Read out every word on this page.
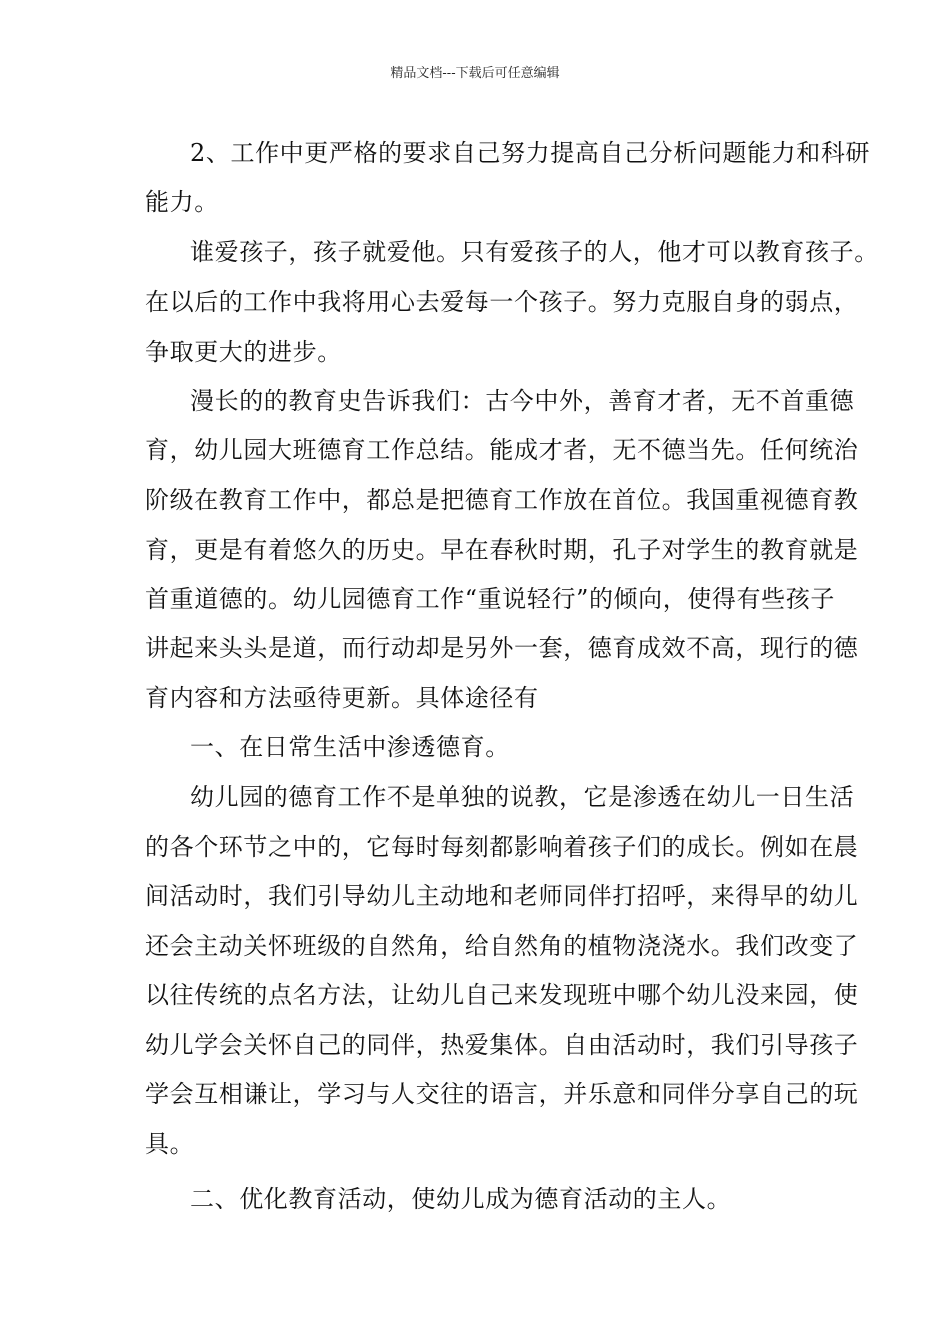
精品文档---下载后可任意编辑
2、工作中更严格的要求自己努力提高自己分析问题能力和科研
能力。
谁爱孩子，孩子就爱他。只有爱孩子的人，他才可以教育孩子。
在以后的工作中我将用心去爱每一个孩子。努力克服自身的弱点，
争取更大的进步。
漫长的的教育史告诉我们：古今中外，善育才者，无不首重德
育，幼儿园大班德育工作总结。能成才者，无不德当先。任何统治
阶级在教育工作中，都总是把德育工作放在首位。我国重视德育教
育，更是有着悠久的历史。早在春秋时期，孔子对学生的教育就是
首重道德的。幼儿园德育工作“重说轻行”的倾向，使得有些孩子
讲起来头头是道，而行动却是另外一套，德育成效不高，现行的德
育内容和方法亟待更新。具体途径有
一、在日常生活中渗透德育。
幼儿园的德育工作不是单独的说教，它是渗透在幼儿一日生活
的各个环节之中的，它每时每刻都影响着孩子们的成长。例如在晨
间活动时，我们引导幼儿主动地和老师同伴打招呼，来得早的幼儿
还会主动关怀班级的自然角，给自然角的植物浇浇水。我们改变了
以往传统的点名方法，让幼儿自己来发现班中哪个幼儿没来园，使
幼儿学会关怀自己的同伴，热爱集体。自由活动时，我们引导孩子
学会互相谦让，学习与人交往的语言，并乐意和同伴分享自己的玩
具。
二、优化教育活动，使幼儿成为德育活动的主人。
